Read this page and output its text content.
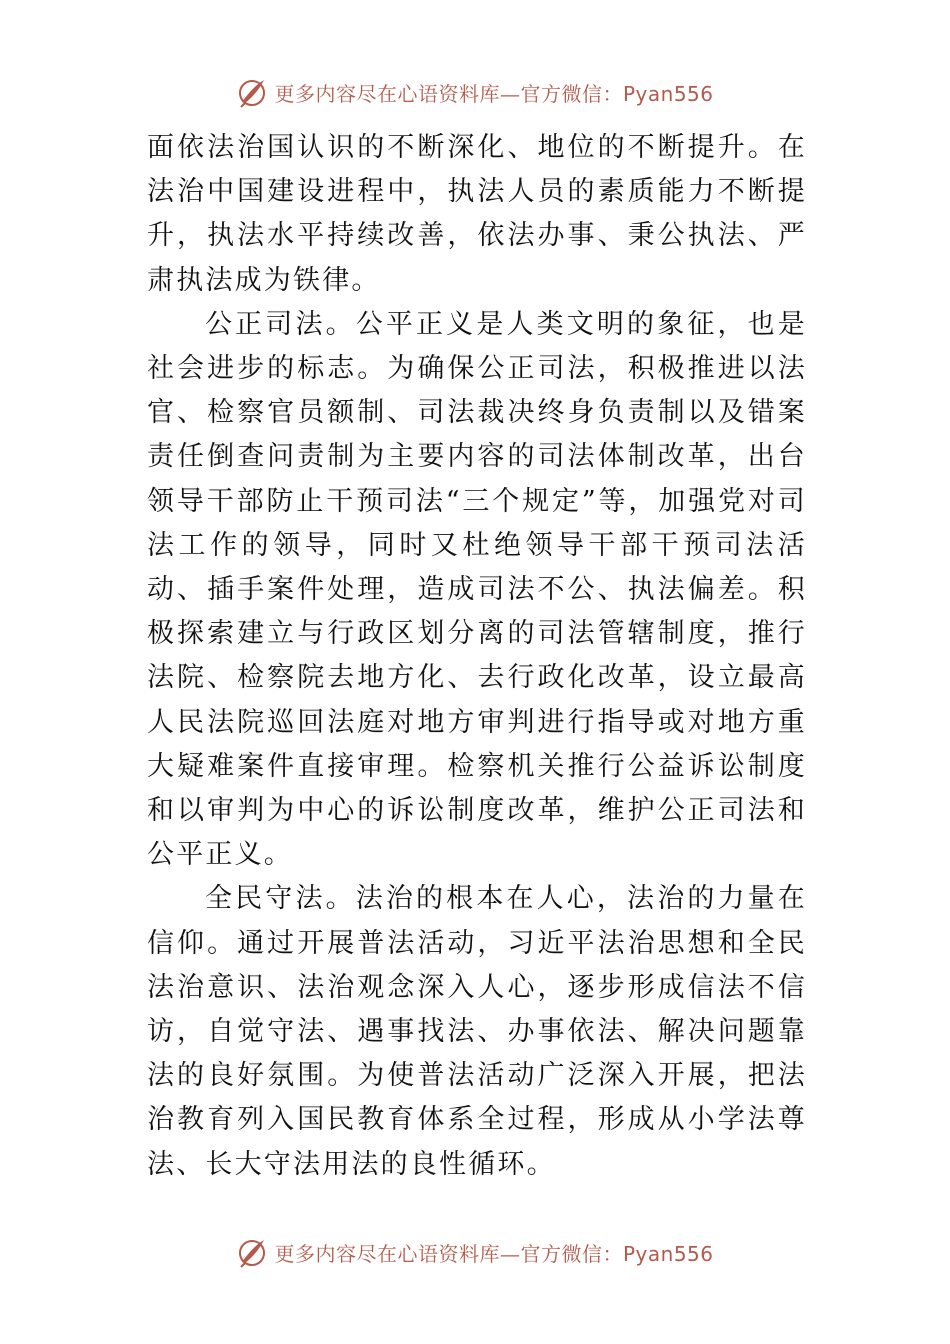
更多内容尽在心语资料库—官方微信：Pyan556

面依法治国认识的不断深化、地位的不断提升。在法治中国建设进程中，执法人员的素质能力不断提升，执法水平持续改善，依法办事、秉公执法、严肃执法成为铁律。

公正司法。公平正义是人类文明的象征，也是社会进步的标志。为确保公正司法，积极推进以法官、检察官员额制、司法裁决终身负责制以及错案责任倒查问责制为主要内容的司法体制改革，出台领导干部防止干预司法“三个规定”等，加强党对司法工作的领导，同时又杜绝领导干部干预司法活动、插手案件处理，造成司法不公、执法偏差。积极探索建立与行政区划分离的司法管辖制度，推行法院、检察院去地方化、去行政化改革，设立最高人民法院巡回法庭对地方审判进行指导或对地方重大疑难案件直接审理。检察机关推行公益诉讼制度和以审判为中心的诉讼制度改革，维护公正司法和公平正义。

全民守法。法治的根本在人心，法治的力量在信仰。通过开展普法活动，习近平法治思想和全民法治意识、法治观念深入人心，逐步形成信法不信访，自觉守法、遇事找法、办事依法、解决问题靠法的良好氛围。为使普法活动广泛深入开展，把法治教育列入国民教育体系全过程，形成从小学法尊法、长大守法用法的良性循环。

更多内容尽在心语资料库—官方微信：Pyan556
